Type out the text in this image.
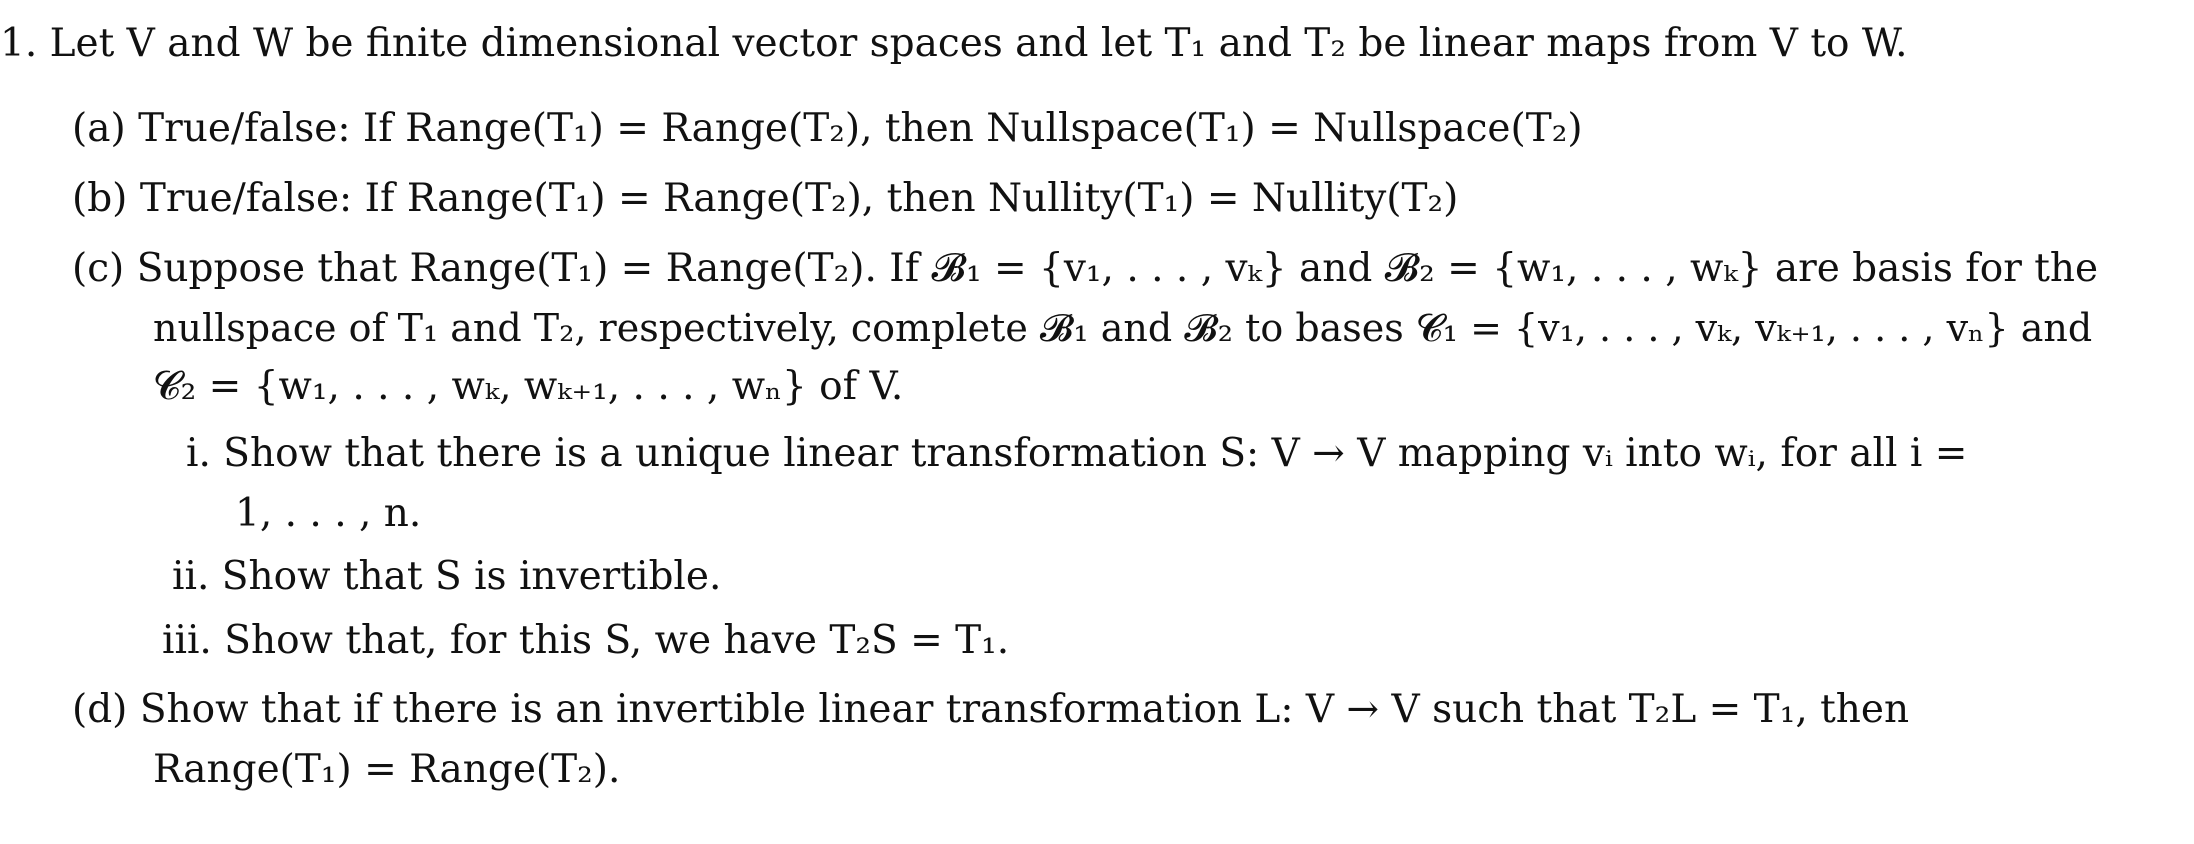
1. Let V and W be finite dimensional vector spaces and let T₁ and T₂ be linear maps from V to W.
(a) True/false: If Range(T₁) = Range(T₂), then Nullspace(T₁) = Nullspace(T₂)
(b) True/false: If Range(T₁) = Range(T₂), then Nullity(T₁) = Nullity(T₂)
(c) Suppose that Range(T₁) = Range(T₂). If 𝓑₁ = {v₁, . . . , vₖ} and 𝓑₂ = {w₁, . . . , wₖ} are basis for the
nullspace of T₁ and T₂, respectively, complete 𝓑₁ and 𝓑₂ to bases 𝓒₁ = {v₁, . . . , vₖ, vₖ₊₁, . . . , vₙ} and
𝓒₂ = {w₁, . . . , wₖ, wₖ₊₁, . . . , wₙ} of V.
i. Show that there is a unique linear transformation S: V → V mapping vᵢ into wᵢ, for all i =
1, . . . , n.
ii. Show that S is invertible.
iii. Show that, for this S, we have T₂S = T₁.
(d) Show that if there is an invertible linear transformation L: V → V such that T₂L = T₁, then
Range(T₁) = Range(T₂).
